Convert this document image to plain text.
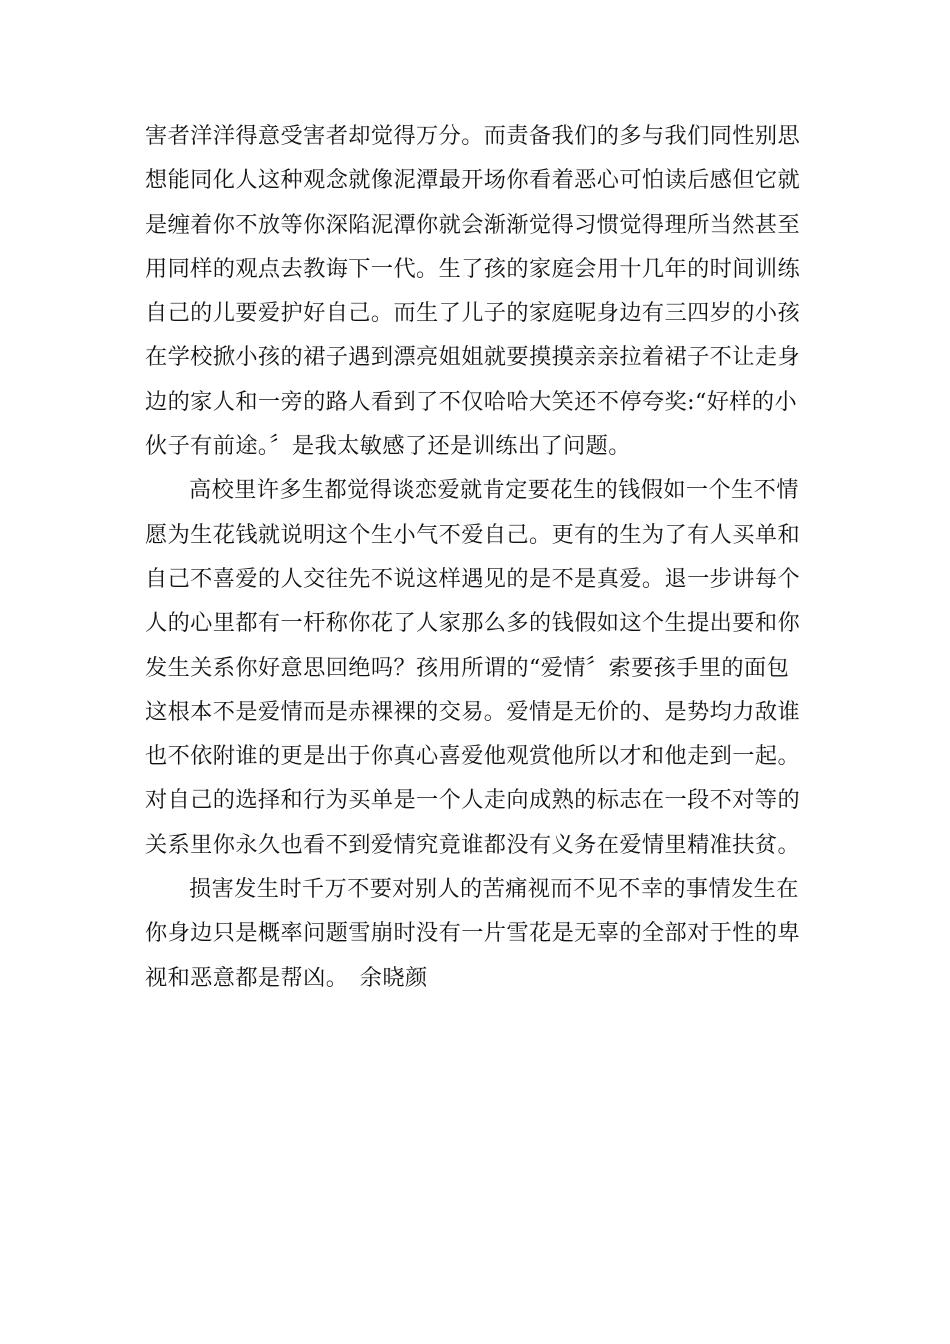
害者洋洋得意受害者却觉得万分。而责备我们的多与我们同性别思
想能同化人这种观念就像泥潭最开场你看着恶心可怕读后感但它就
是缠着你不放等你深陷泥潭你就会渐渐觉得习惯觉得理所当然甚至
用同样的观点去教诲下一代。生了孩的家庭会用十几年的时间训练
自己的儿要爱护好自己。而生了儿子的家庭呢身边有三四岁的小孩
在学校掀小孩的裙子遇到漂亮姐姐就要摸摸亲亲拉着裙子不让走身
边的家人和一旁的路人看到了不仅哈哈大笑还不停夸奖:“好样的小
伙子有前途。〞是我太敏感了还是训练出了问题。
高校里许多生都觉得谈恋爱就肯定要花生的钱假如一个生不情
愿为生花钱就说明这个生小气不爱自己。更有的生为了有人买单和
自己不喜爱的人交往先不说这样遇见的是不是真爱。退一步讲每个
人的心里都有一杆称你花了人家那么多的钱假如这个生提出要和你
发生关系你好意思回绝吗？孩用所谓的“爱情〞索要孩手里的面包
这根本不是爱情而是赤裸裸的交易。爱情是无价的、是势均力敌谁
也不依附谁的更是出于你真心喜爱他观赏他所以才和他走到一起。
对自己的选择和行为买单是一个人走向成熟的标志在一段不对等的
关系里你永久也看不到爱情究竟谁都没有义务在爱情里精准扶贫。
损害发生时千万不要对别人的苦痛视而不见不幸的事情发生在
你身边只是概率问题雪崩时没有一片雪花是无辜的全部对于性的卑
视和恶意都是帮凶。　余晓颜
